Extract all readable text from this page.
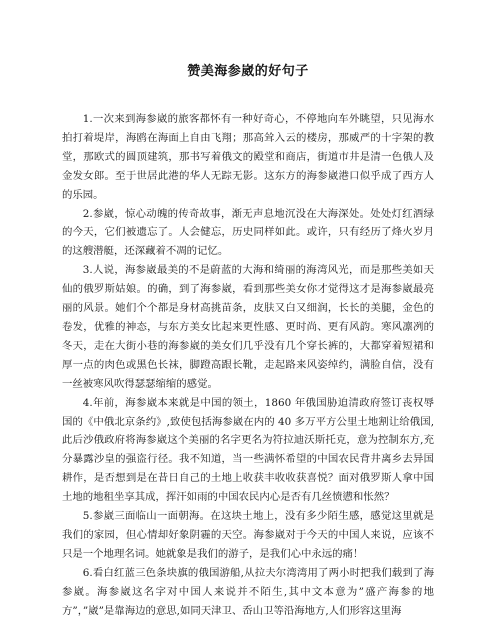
赞美海参崴的好句子

1.一次来到海参崴的旅客都怀有一种好奇心，不停地向车外眺望，只见海水拍打着堤岸，海鸥在海面上自由飞翔；那高耸入云的楼房，那威严的十字架的教堂，那欧式的圆顶建筑，那书写着俄文的殿堂和商店，街道市井是清一色俄人及金发女郎。至于世居此港的华人无踪无影。这东方的海参崴港口似乎成了西方人的乐园。

2.参崴，惊心动魄的传奇故事，渐无声息地沉没在大海深处。处处灯红酒绿的今天，它们被遗忘了。人会健忘，历史同样如此。或许，只有经历了烽火岁月的这艘潜艇，还深藏着不凋的记忆。

3.人说，海参崴最美的不是蔚蓝的大海和绮丽的海湾风光，而是那些美如天仙的俄罗斯姑娘。的确，到了海参崴，看到那些美女你才觉得这才是海参崴最亮丽的风景。她们个个都是身材高挑苗条，皮肤又白又细润，长长的美腿，金色的卷发，优雅的神态，与东方美女比起来更性感、更时尚、更有风韵。寒风凛冽的冬天，走在大街小巷的海参崴的美女们几乎没有几个穿长裤的，大都穿着短裙和厚一点的肉色或黑色长袜，脚蹬高跟长靴，走起路来风姿绰约，满脸自信，没有一丝被寒风吹得瑟瑟缩缩的感觉。

4.年前，海参崴本来就是中国的领土，1860 年俄国胁迫清政府签订丧权辱国的《中俄北京条约》,致使包括海参崴在内的 40 多万平方公里土地割让给俄国,此后沙俄政府将海参崴这个美丽的名字更名为符拉迪沃斯托克，意为控制东方,充分暴露沙皇的强盗行径。我不知道，当一些满怀希望的中国农民背井离乡去异国耕作，是否想到是在昔日自己的土地上收获丰收收获喜悦？面对俄罗斯人拿中国土地的地租坐享其成，挥汗如雨的中国农民内心是否有几丝愤懑和怅然？

5.参崴三面临山一面朝海。在这块土地上，没有多少陌生感，感觉这里就是我们的家园，但心情却好象阴霾的天空。海参崴对于今天的中国人来说，应该不只是一个地理名词。她就象是我们的游子，是我们心中永远的痛！

6.看白红蓝三色条块旗的俄国游船,从拉夫尔湾湾用了两小时把我们载到了海参崴。海参崴这名字对中国人来说并不陌生,其中文本意为”盛产海参的地方”，”崴”是靠海边的意思,如同天津卫、岙山卫等沿海地方,人们形容这里海
